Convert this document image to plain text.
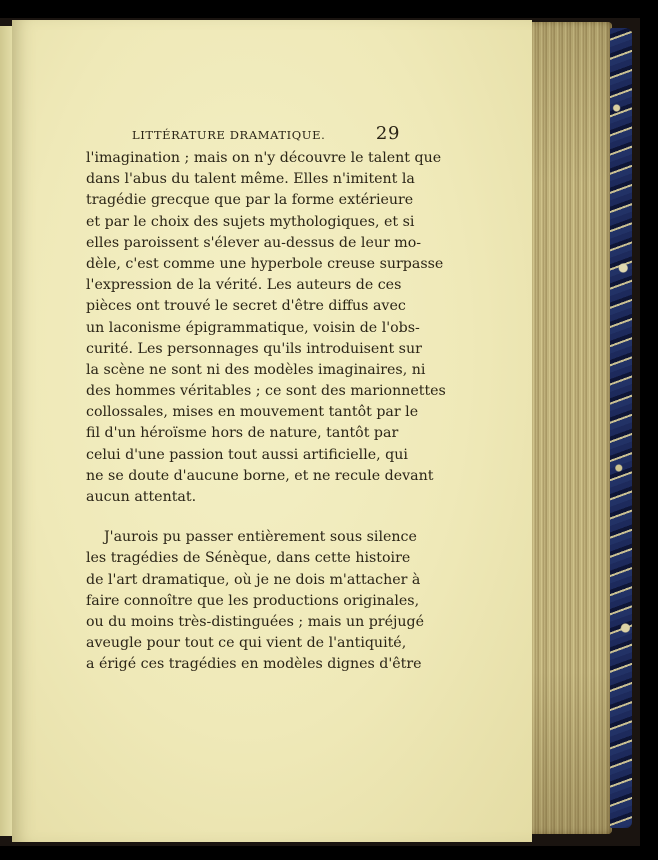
LITTÉRATURE DRAMATIQUE.	29
l'imagination ; mais on n'y découvre le talent que
dans l'abus du talent même. Elles n'imitent la
tragédie grecque que par la forme extérieure
et par le choix des sujets mythologiques, et si
elles paroissent s'élever au-dessus de leur mo-
dèle, c'est comme une hyperbole creuse surpasse
l'expression de la vérité. Les auteurs de ces
pièces ont trouvé le secret d'être diffus avec
un laconisme épigrammatique, voisin de l'obs-
curité. Les personnages qu'ils introduisent sur
la scène ne sont ni des modèles imaginaires, ni
des hommes véritables ; ce sont des marionnettes
collossales, mises en mouvement tantôt par le
fil d'un héroïsme hors de nature, tantôt par
celui d'une passion tout aussi artificielle, qui
ne se doute d'aucune borne, et ne recule devant
aucun attentat.
J'aurois pu passer entièrement sous silence
les tragédies de Sénèque, dans cette histoire
de l'art dramatique, où je ne dois m'attacher à
faire connoître que les productions originales,
ou du moins très-distinguées ; mais un préjugé
aveugle pour tout ce qui vient de l'antiquité,
a érigé ces tragédies en modèles dignes d'être
